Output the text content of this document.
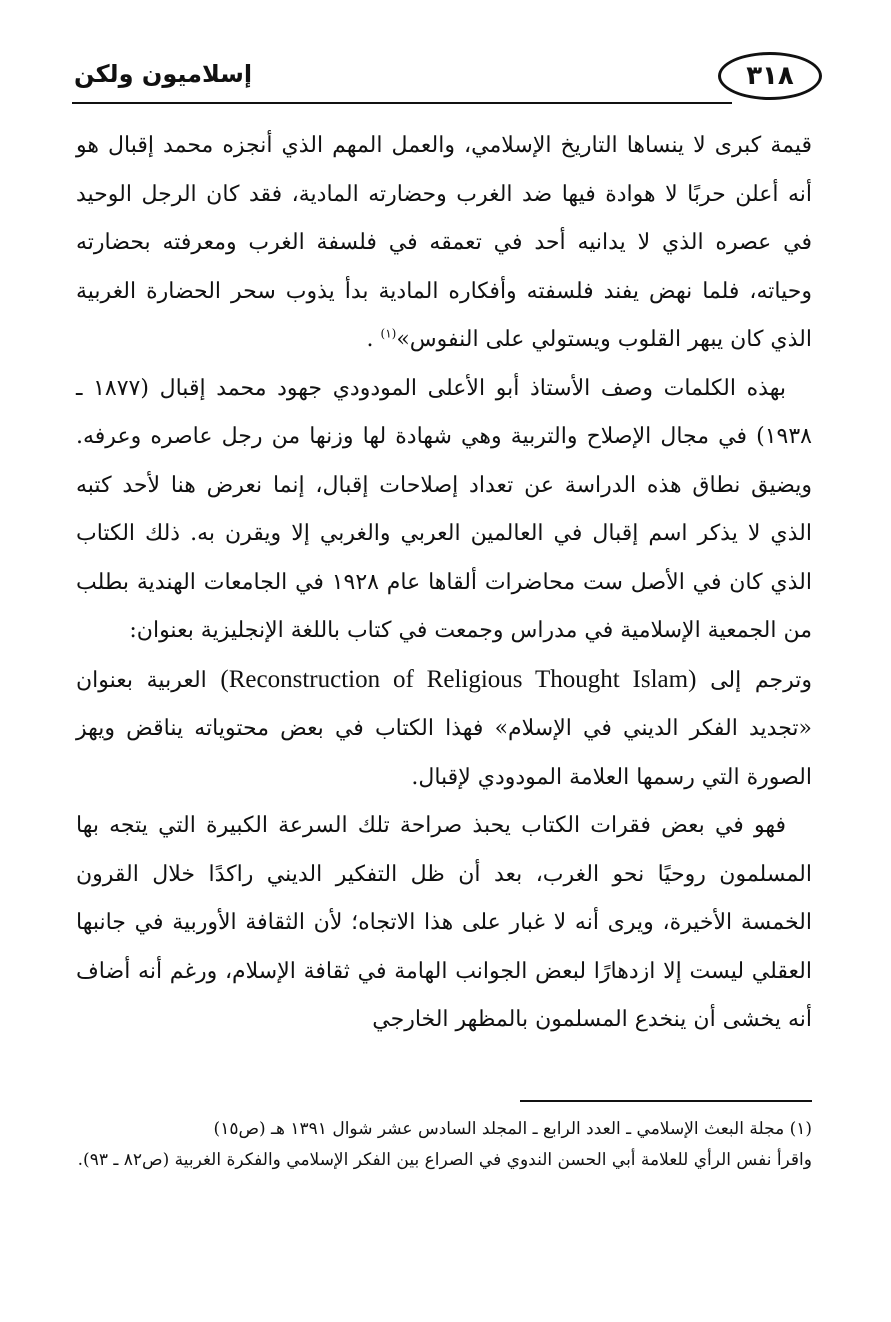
٣١٨
إسلاميون ولكن

قيمة كبرى لا ينساها التاريخ الإسلامي، والعمل المهم الذي أنجزه محمد إقبال هو أنه أعلن حربًا لا هوادة فيها ضد الغرب وحضارته المادية، فقد كان الرجل الوحيد في عصره الذي لا يدانيه أحد في تعمقه في فلسفة الغرب ومعرفته بحضارته وحياته، فلما نهض يفند فلسفته وأفكاره المادية بدأ يذوب سحر الحضارة الغربية الذي كان يبهر القلوب ويستولي على النفوس»$^{(١)}$ .

بهذه الكلمات وصف الأستاذ أبو الأعلى المودودي جهود محمد إقبال (١٨٧٧ ـ ١٩٣٨) في مجال الإصلاح والتربية وهي شهادة لها وزنها من رجل عاصره وعرفه. ويضيق نطاق هذه الدراسة عن تعداد إصلاحات إقبال، إنما نعرض هنا لأحد كتبه الذي لا يذكر اسم إقبال في العالمين العربي والغربي إلا ويقرن به. ذلك الكتاب الذي كان في الأصل ست محاضرات ألقاها عام ١٩٢٨ في الجامعات الهندية بطلب من الجمعية الإسلامية في مدراس وجمعت في كتاب باللغة الإنجليزية بعنوان:

وترجم إلى (Reconstruction of Religious Thought Islam) العربية بعنوان «تجديد الفكر الديني في الإسلام» فهذا الكتاب في بعض محتوياته يناقض ويهز الصورة التي رسمها العلامة المودودي لإقبال.

فهو في بعض فقرات الكتاب يحبذ صراحة تلك السرعة الكبيرة التي يتجه بها المسلمون روحيًا نحو الغرب، بعد أن ظل التفكير الديني راكدًا خلال القرون الخمسة الأخيرة، ويرى أنه لا غبار على هذا الاتجاه؛ لأن الثقافة الأوربية في جانبها العقلي ليست إلا ازدهارًا لبعض الجوانب الهامة في ثقافة الإسلام، ورغم أنه أضاف أنه يخشى أن ينخدع المسلمون بالمظهر الخارجي

(١) مجلة البعث الإسلامي ـ العدد الرابع ـ المجلد السادس عشر شوال ١٣٩١ هـ (ص١٥)

واقرأ نفس الرأي للعلامة أبي الحسن الندوي في الصراع بين الفكر الإسلامي والفكرة الغربية (ص٨٢ ـ ٩٣).
